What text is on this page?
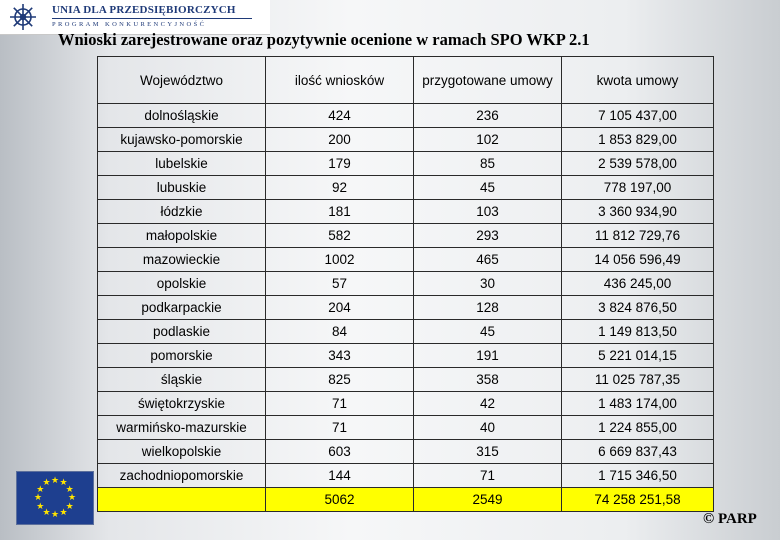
UNIA DLA PRZEDSIĘBIORCZYCH
PROGRAM KONKURENCYJNOŚĆ
Wnioski zarejestrowane oraz pozytywnie ocenione w ramach SPO WKP 2.1
Województwo	ilość wniosków	przygotowane umowy	kwota umowy
dolnośląskie	424	236	7 105 437,00
kujawsko-pomorskie	200	102	1 853 829,00
lubelskie	179	85	2 539 578,00
lubuskie	92	45	778 197,00
łódzkie	181	103	3 360 934,90
małopolskie	582	293	11 812 729,76
mazowieckie	1002	465	14 056 596,49
opolskie	57	30	436 245,00
podkarpackie	204	128	3 824 876,50
podlaskie	84	45	1 149 813,50
pomorskie	343	191	5 221 014,15
śląskie	825	358	11 025 787,35
świętokrzyskie	71	42	1 483 174,00
warmińsko-mazurskie	71	40	1 224 855,00
wielkopolskie	603	315	6 669 837,43
zachodniopomorskie	144	71	1 715 346,50
	5062	2549	74 258 251,58
★ ★
★
★
★
★
★
★
★
★
★
★
© PARP
